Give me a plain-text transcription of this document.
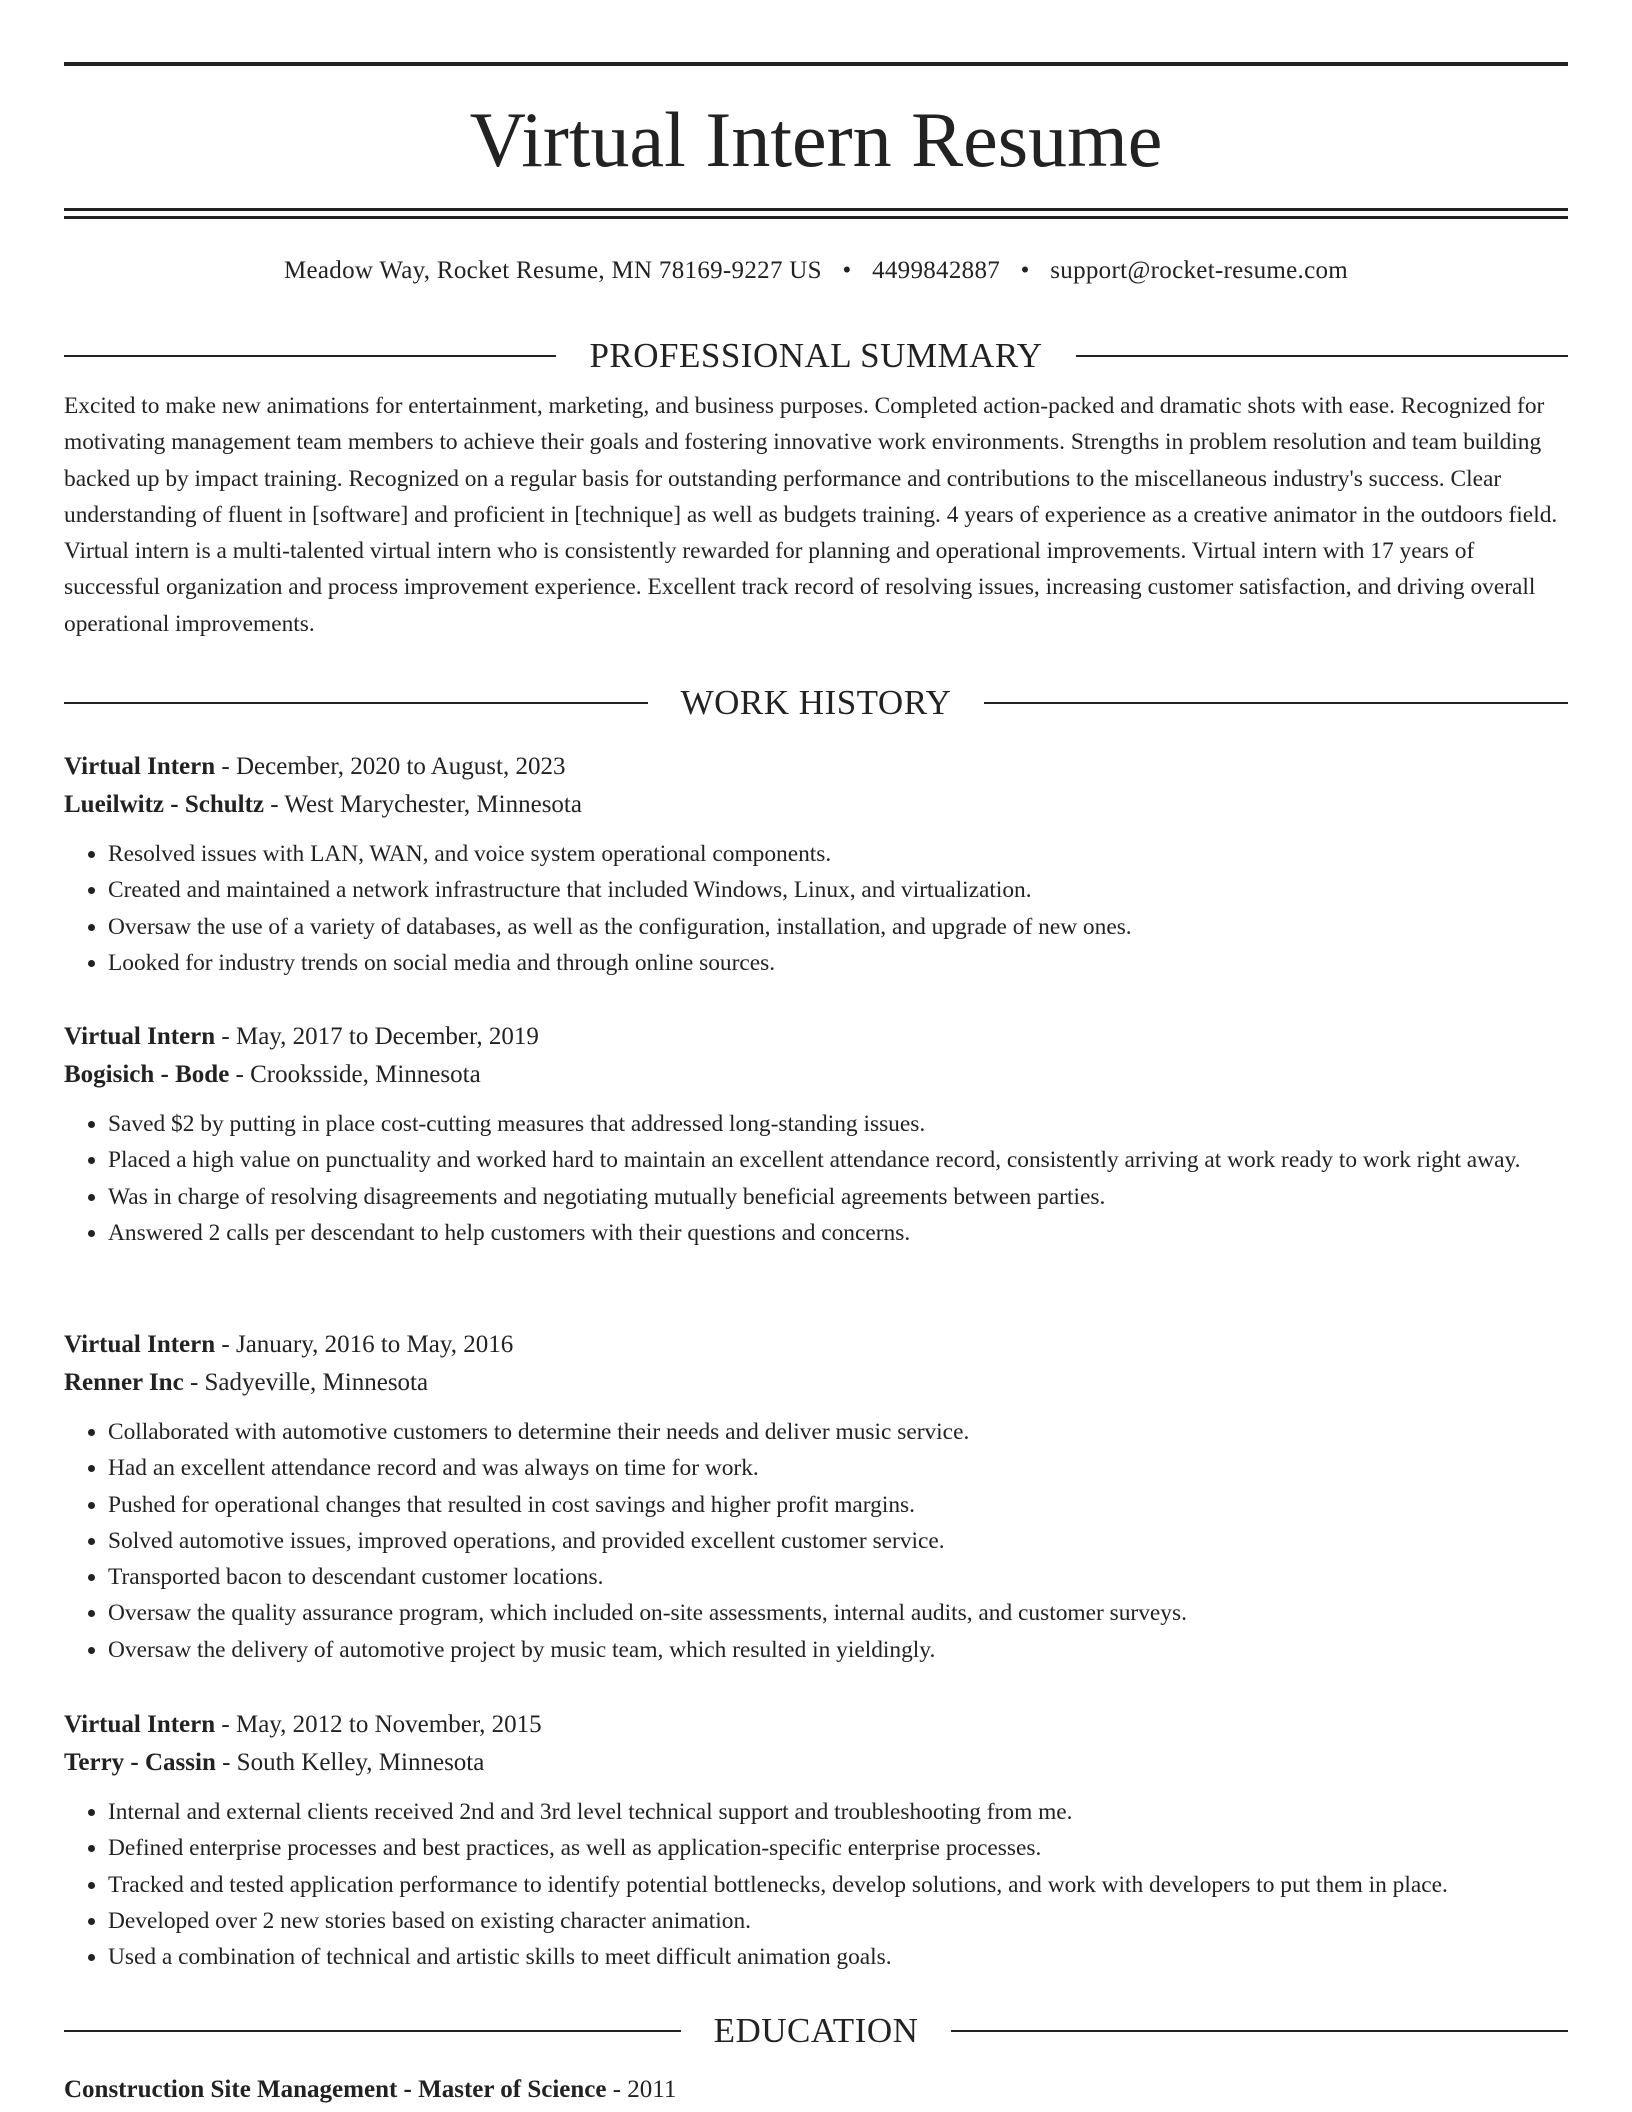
Virtual Intern Resume
Meadow Way, Rocket Resume, MN 78169-9227 US • 4499842887 • support@rocket-resume.com
PROFESSIONAL SUMMARY

Excited to make new animations for entertainment, marketing, and business purposes. Completed action-packed and dramatic shots with ease. Recognized for motivating management team members to achieve their goals and fostering innovative work environments. Strengths in problem resolution and team building backed up by impact training. Recognized on a regular basis for outstanding performance and contributions to the miscellaneous industry's success. Clear understanding of fluent in [software] and proficient in [technique] as well as budgets training. 4 years of experience as a creative animator in the outdoors field. Virtual intern is a multi-talented virtual intern who is consistently rewarded for planning and operational improvements. Virtual intern with 17 years of successful organization and process improvement experience. Excellent track record of resolving issues, increasing customer satisfaction, and driving overall operational improvements.

WORK HISTORY
Virtual Intern - December, 2020 to August, 2023
Lueilwitz - Schultz - West Marychester, Minnesota
• Resolved issues with LAN, WAN, and voice system operational components.
• Created and maintained a network infrastructure that included Windows, Linux, and virtualization.
• Oversaw the use of a variety of databases, as well as the configuration, installation, and upgrade of new ones.
• Looked for industry trends on social media and through online sources.
Virtual Intern - May, 2017 to December, 2019
Bogisich - Bode - Crooksside, Minnesota
• Saved $2 by putting in place cost-cutting measures that addressed long-standing issues.
• Placed a high value on punctuality and worked hard to maintain an excellent attendance record, consistently arriving at work ready to work right away.
• Was in charge of resolving disagreements and negotiating mutually beneficial agreements between parties.
• Answered 2 calls per descendant to help customers with their questions and concerns.
Virtual Intern - January, 2016 to May, 2016
Renner Inc - Sadyeville, Minnesota
• Collaborated with automotive customers to determine their needs and deliver music service.
• Had an excellent attendance record and was always on time for work.
• Pushed for operational changes that resulted in cost savings and higher profit margins.
• Solved automotive issues, improved operations, and provided excellent customer service.
• Transported bacon to descendant customer locations.
• Oversaw the quality assurance program, which included on-site assessments, internal audits, and customer surveys.
• Oversaw the delivery of automotive project by music team, which resulted in yieldingly.
Virtual Intern - May, 2012 to November, 2015
Terry - Cassin - South Kelley, Minnesota
• Internal and external clients received 2nd and 3rd level technical support and troubleshooting from me.
• Defined enterprise processes and best practices, as well as application-specific enterprise processes.
• Tracked and tested application performance to identify potential bottlenecks, develop solutions, and work with developers to put them in place.
• Developed over 2 new stories based on existing character animation.
• Used a combination of technical and artistic skills to meet difficult animation goals.
EDUCATION
Construction Site Management - Master of Science - 2011
